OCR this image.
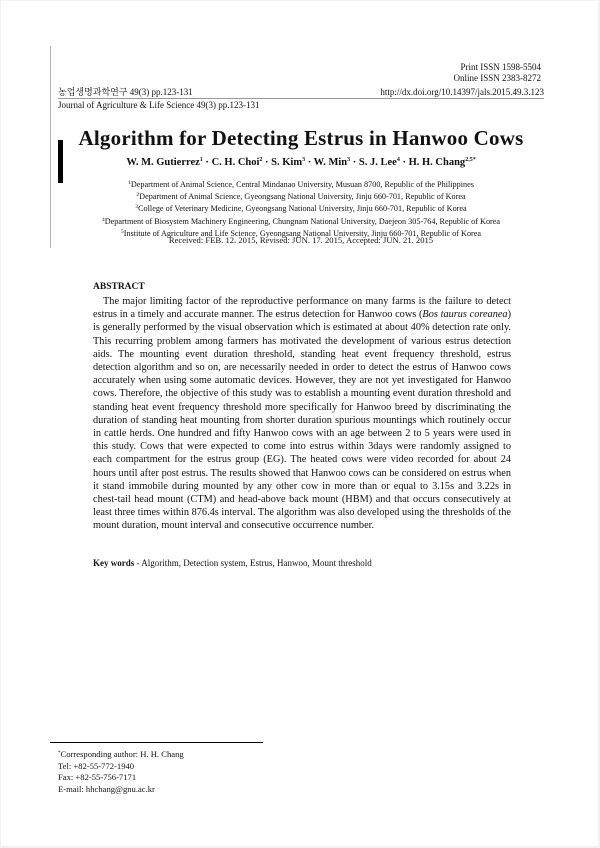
Print ISSN 1598-5504
Online ISSN 2383-8272
농업생명과학연구 49(3) pp.123-131	http://dx.doi.org/10.14397/jals.2015.49.3.123
Journal of Agriculture & Life Science 49(3) pp.123-131
Algorithm for Detecting Estrus in Hanwoo Cows
W. M. Gutierrez$^1$ · C. H. Choi$^2$ · S. Kim$^3$ · W. Min$^3$ · S. J. Lee$^4$ · H. H. Chang$^{2,5*}$
$^1$Department of Animal Science, Central Mindanao University, Musuan 8700, Republic of the Philippines
$^2$Department of Animal Science, Gyeongsang National University, Jinju 660-701, Republic of Korea
$^3$College of Veterinary Medicine, Gyeongsang National University, Jinju 660-701, Republic of Korea
$^4$Department of Biosystem Machinery Engineering, Chungnam National University, Daejeon 305-764, Republic of Korea
$^5$Institute of Agriculture and Life Science, Gyeongsang National University, Jinju 660-701, Republic of Korea
Received: FEB. 12. 2015, Revised: JUN. 17. 2015, Accepted: JUN. 21. 2015
ABSTRACT
The major limiting factor of the reproductive performance on many farms is the failure to detect estrus in a timely and accurate manner. The estrus detection for Hanwoo cows (Bos taurus coreanea) is generally performed by the visual observation which is estimated at about 40% detection rate only. This recurring problem among farmers has motivated the development of various estrus detection aids. The mounting event duration threshold, standing heat event frequency threshold, estrus detection algorithm and so on, are necessarily needed in order to detect the estrus of Hanwoo cows accurately when using some automatic devices. However, they are not yet investigated for Hanwoo cows. Therefore, the objective of this study was to establish a mounting event duration threshold and standing heat event frequency threshold more specifically for Hanwoo breed by discriminating the duration of standing heat mounting from shorter duration spurious mountings which routinely occur in cattle herds. One hundred and fifty Hanwoo cows with an age between 2 to 5 years were used in this study. Cows that were expected to come into estrus within 3days were randomly assigned to each compartment for the estrus group (EG). The heated cows were video recorded for about 24 hours until after post estrus. The results showed that Hanwoo cows can be considered on estrus when it stand immobile during mounted by any other cow in more than or equal to 3.15s and 3.22s in chest-tail head mount (CTM) and head-above back mount (HBM) and that occurs consecutively at least three times within 876.4s interval. The algorithm was also developed using the thresholds of the mount duration, mount interval and consecutive occurrence number.
Key words - Algorithm, Detection system, Estrus, Hanwoo, Mount threshold
*Corresponding author: H. H. Chang
Tel: +82-55-772-1940
Fax: +82-55-756-7171
E-mail: hhchang@gnu.ac.kr
